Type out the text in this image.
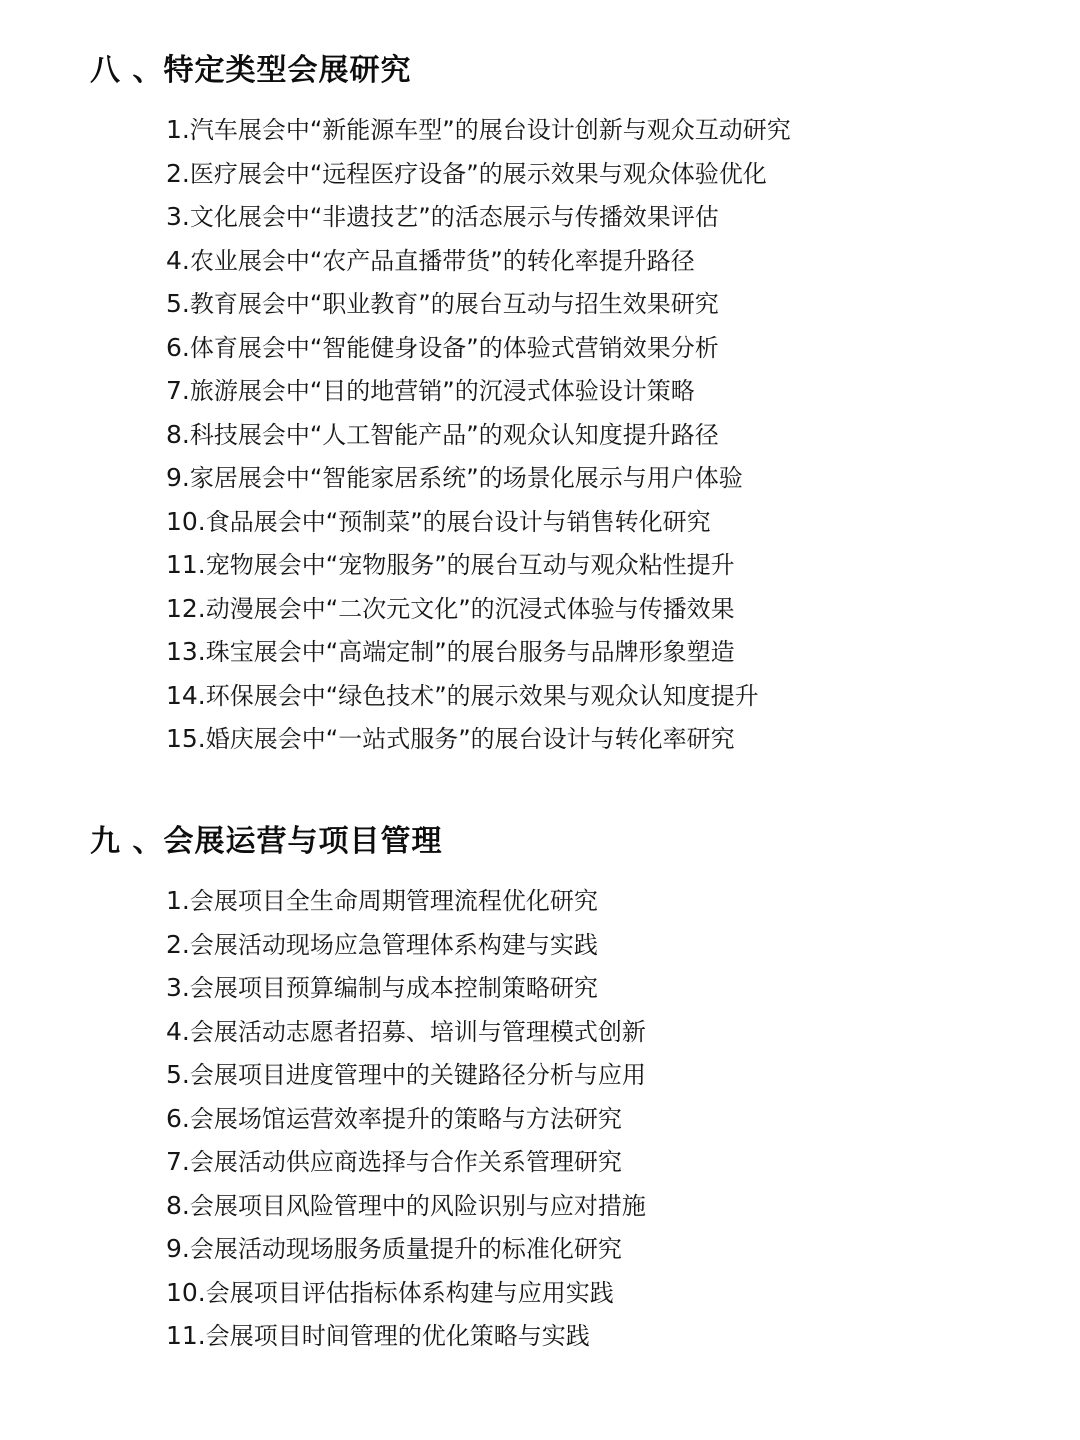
八 、特定类型会展研究
1.汽车展会中“新能源车型”的展台设计创新与观众互动研究
2.医疗展会中“远程医疗设备”的展示效果与观众体验优化
3.文化展会中“非遗技艺”的活态展示与传播效果评估
4.农业展会中“农产品直播带货”的转化率提升路径
5.教育展会中“职业教育”的展台互动与招生效果研究
6.体育展会中“智能健身设备”的体验式营销效果分析
7.旅游展会中“目的地营销”的沉浸式体验设计策略
8.科技展会中“人工智能产品”的观众认知度提升路径
9.家居展会中“智能家居系统”的场景化展示与用户体验
10.食品展会中“预制菜”的展台设计与销售转化研究
11.宠物展会中“宠物服务”的展台互动与观众粘性提升
12.动漫展会中“二次元文化”的沉浸式体验与传播效果
13.珠宝展会中“高端定制”的展台服务与品牌形象塑造
14.环保展会中“绿色技术”的展示效果与观众认知度提升
15.婚庆展会中“一站式服务”的展台设计与转化率研究
九 、会展运营与项目管理
1.会展项目全生命周期管理流程优化研究
2.会展活动现场应急管理体系构建与实践
3.会展项目预算编制与成本控制策略研究
4.会展活动志愿者招募、培训与管理模式创新
5.会展项目进度管理中的关键路径分析与应用
6.会展场馆运营效率提升的策略与方法研究
7.会展活动供应商选择与合作关系管理研究
8.会展项目风险管理中的风险识别与应对措施
9.会展活动现场服务质量提升的标准化研究
10.会展项目评估指标体系构建与应用实践
11.会展项目时间管理的优化策略与实践
